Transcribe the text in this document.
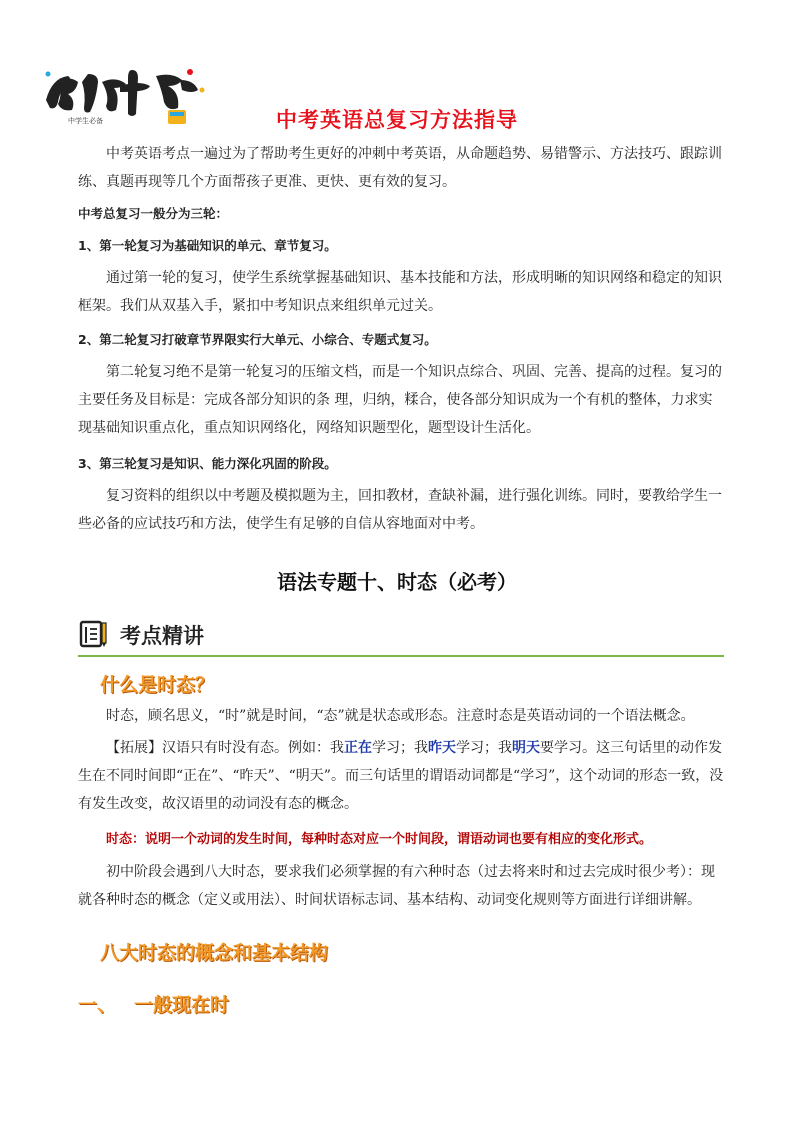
中学生必备	中考英语总复习方法指导

中考英语考点一遍过为了帮助考生更好的冲刺中考英语，从命题趋势、易错警示、方法技巧、跟踪训练、真题再现等几个方面帮孩子更准、更快、更有效的复习。

中考总复习一般分为三轮：

1、第一轮复习为基础知识的单元、章节复习。

通过第一轮的复习，使学生系统掌握基础知识、基本技能和方法，形成明晰的知识网络和稳定的知识框架。我们从双基入手，紧扣中考知识点来组织单元过关。

2、第二轮复习打破章节界限实行大单元、小综合、专题式复习。

第二轮复习绝不是第一轮复习的压缩文档，而是一个知识点综合、巩固、完善、提高的过程。复习的主要任务及目标是：完成各部分知识的条 理，归纳，糅合，使各部分知识成为一个有机的整体，力求实现基础知识重点化，重点知识网络化，网络知识题型化，题型设计生活化。

3、第三轮复习是知识、能力深化巩固的阶段。

复习资料的组织以中考题及模拟题为主，回扣教材，查缺补漏，进行强化训练。同时，要教给学生一些必备的应试技巧和方法，使学生有足够的自信从容地面对中考。

语法专题十、时态（必考）
考点精讲
什么是时态？

时态，顾名思义，“时”就是时间，“态”就是状态或形态。注意时态是英语动词的一个语法概念。

【拓展】汉语只有时没有态。例如：我正在学习；我昨天学习；我明天要学习。这三句话里的动作发生在不同时间即“正在”、“昨天”、“明天”。而三句话里的谓语动词都是“学习”，这个动词的形态一致，没有发生改变，故汉语里的动词没有态的概念。

时态：说明一个动词的发生时间，每种时态对应一个时间段，谓语动词也要有相应的变化形式。

初中阶段会遇到八大时态，要求我们必须掌握的有六种时态（过去将来时和过去完成时很少考）：现就各种时态的概念（定义或用法）、时间状语标志词、基本结构、动词变化规则等方面进行详细讲解。

八大时态的概念和基本结构
一、 一般现在时
